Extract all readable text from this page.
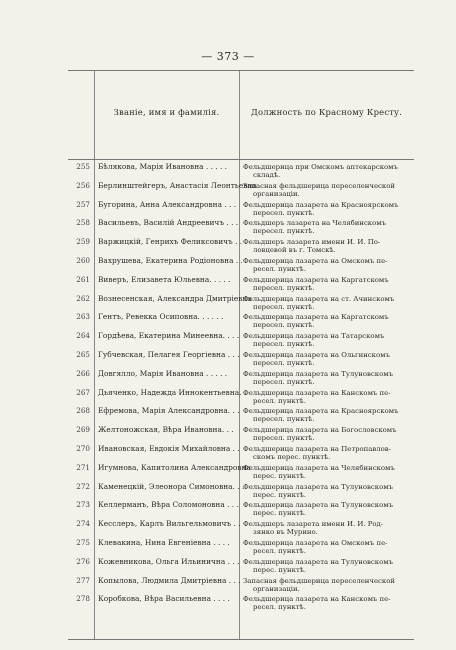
— 373 —
Званіе, имя и фамилія.	Должность по Красному Кресту.
255 Бѣлякова, Марія Ивановна . . . . .	Фельдшерица при Омскомъ аптекарскомъ
складѣ.
256 Берлинштейгеръ, Анастасія Леонтьевна
Запасная фельдшерица переселенческой
организаціи.
257 Бугорина, Анна Александровна . . . Фельдшерица лазарета на Красноярскомъ
пересел. пунктѣ.
258 Васильевъ, Василій Андреевичъ . . . Фельдшеръ лазарета на Челябинскомъ
пересел. пунктѣ.
259 Варжицкій, Генрихъ Феликсовичъ . . Фельдшеръ лазарета имени И. И. По-
ловцевой въ г. Томскѣ.
260 Вахрушева, Екатерина Родіоновна . . Фельдшерица лазарета на Омскомъ пе-
ресел. пунктѣ.
261 Виверъ, Елизавета Юльевна. . . . .	Фельдшерица лазарета на Каргатскомъ
пересел. пунктѣ.
262 Вознесенская, Александра Дмитріевна
Фельдшерица лазарета на ст. Ачинскомъ
пересел. пунктѣ.
263 Гентъ, Ревекка Осиповна. . . . . .	Фельдшерица лазарета на Каргатскомъ
пересел. пунктѣ.
264 Гордѣева, Екатерина Минеевна. . . . Фельдшерица лазарета на Татарскомъ
пересел. пунктѣ.
265 Губчевская, Пелагея Георгіевна . . . Фельдшерица лазарета на Ольгинскомъ
пересел. пунктѣ.
266 Довгялло, Марія Ивановна . . . . .	Фельдшерица лазарета на Тулуновскомъ
пересел. пунктѣ.
267 Дьяченко, Надежда Иннокентьевна. .
Фельдшерица лазарета на Канскомъ пе-
ресел. пунктѣ.
268 Ефремова, Марія Александровна. . . Фельдшерица лазарета на Красноярскомъ
пересел. пунктѣ.
269 Желтоножская, Вѣра Ивановна. . .	Фельдшерица лазарета на Богословскомъ
пересел. пунктѣ.
270 Ивановская, Евдокія Михайловна . . Фельдшерица лазарета на Петропавлов-
скомъ перес. пунктѣ.
271 Игумнова, Капитолина Александровна
Фельдшерица лазарета на Челябинскомъ
перес. пунктѣ.
272 Каменецкій, Элеонора Симоновна. . .
Фельдшерица лазарета на Тулуновскомъ
перес. пунктѣ.
273 Келлерманъ, Вѣра Соломоновна . . . Фельдшерица лазарета на Тулуновскомъ
перес. пунктѣ.
274 Кесслеръ, Карлъ Вильгельмовичъ . . Фельдшеръ лазарета имени И. И. Род-
зянко въ Мурино.
275 Клевакина, Нина Евгеніевна . . . .	Фельдшерица лазарета на Омскомъ пе-
ресел. пунктѣ.
276 Кожевникова, Ольга Ильинична . . . Фельдшерица лазарета на Тулуновскомъ
перес. пунктѣ.
277 Копылова, Людмила Дмитріевна . . . Запасная фельдшерица переселенческой
организаціи.
278 Коробкова, Вѣра Васильевна . . . .	Фельдшерица лазарета на Канскомъ пе-
ресел. пунктѣ.
